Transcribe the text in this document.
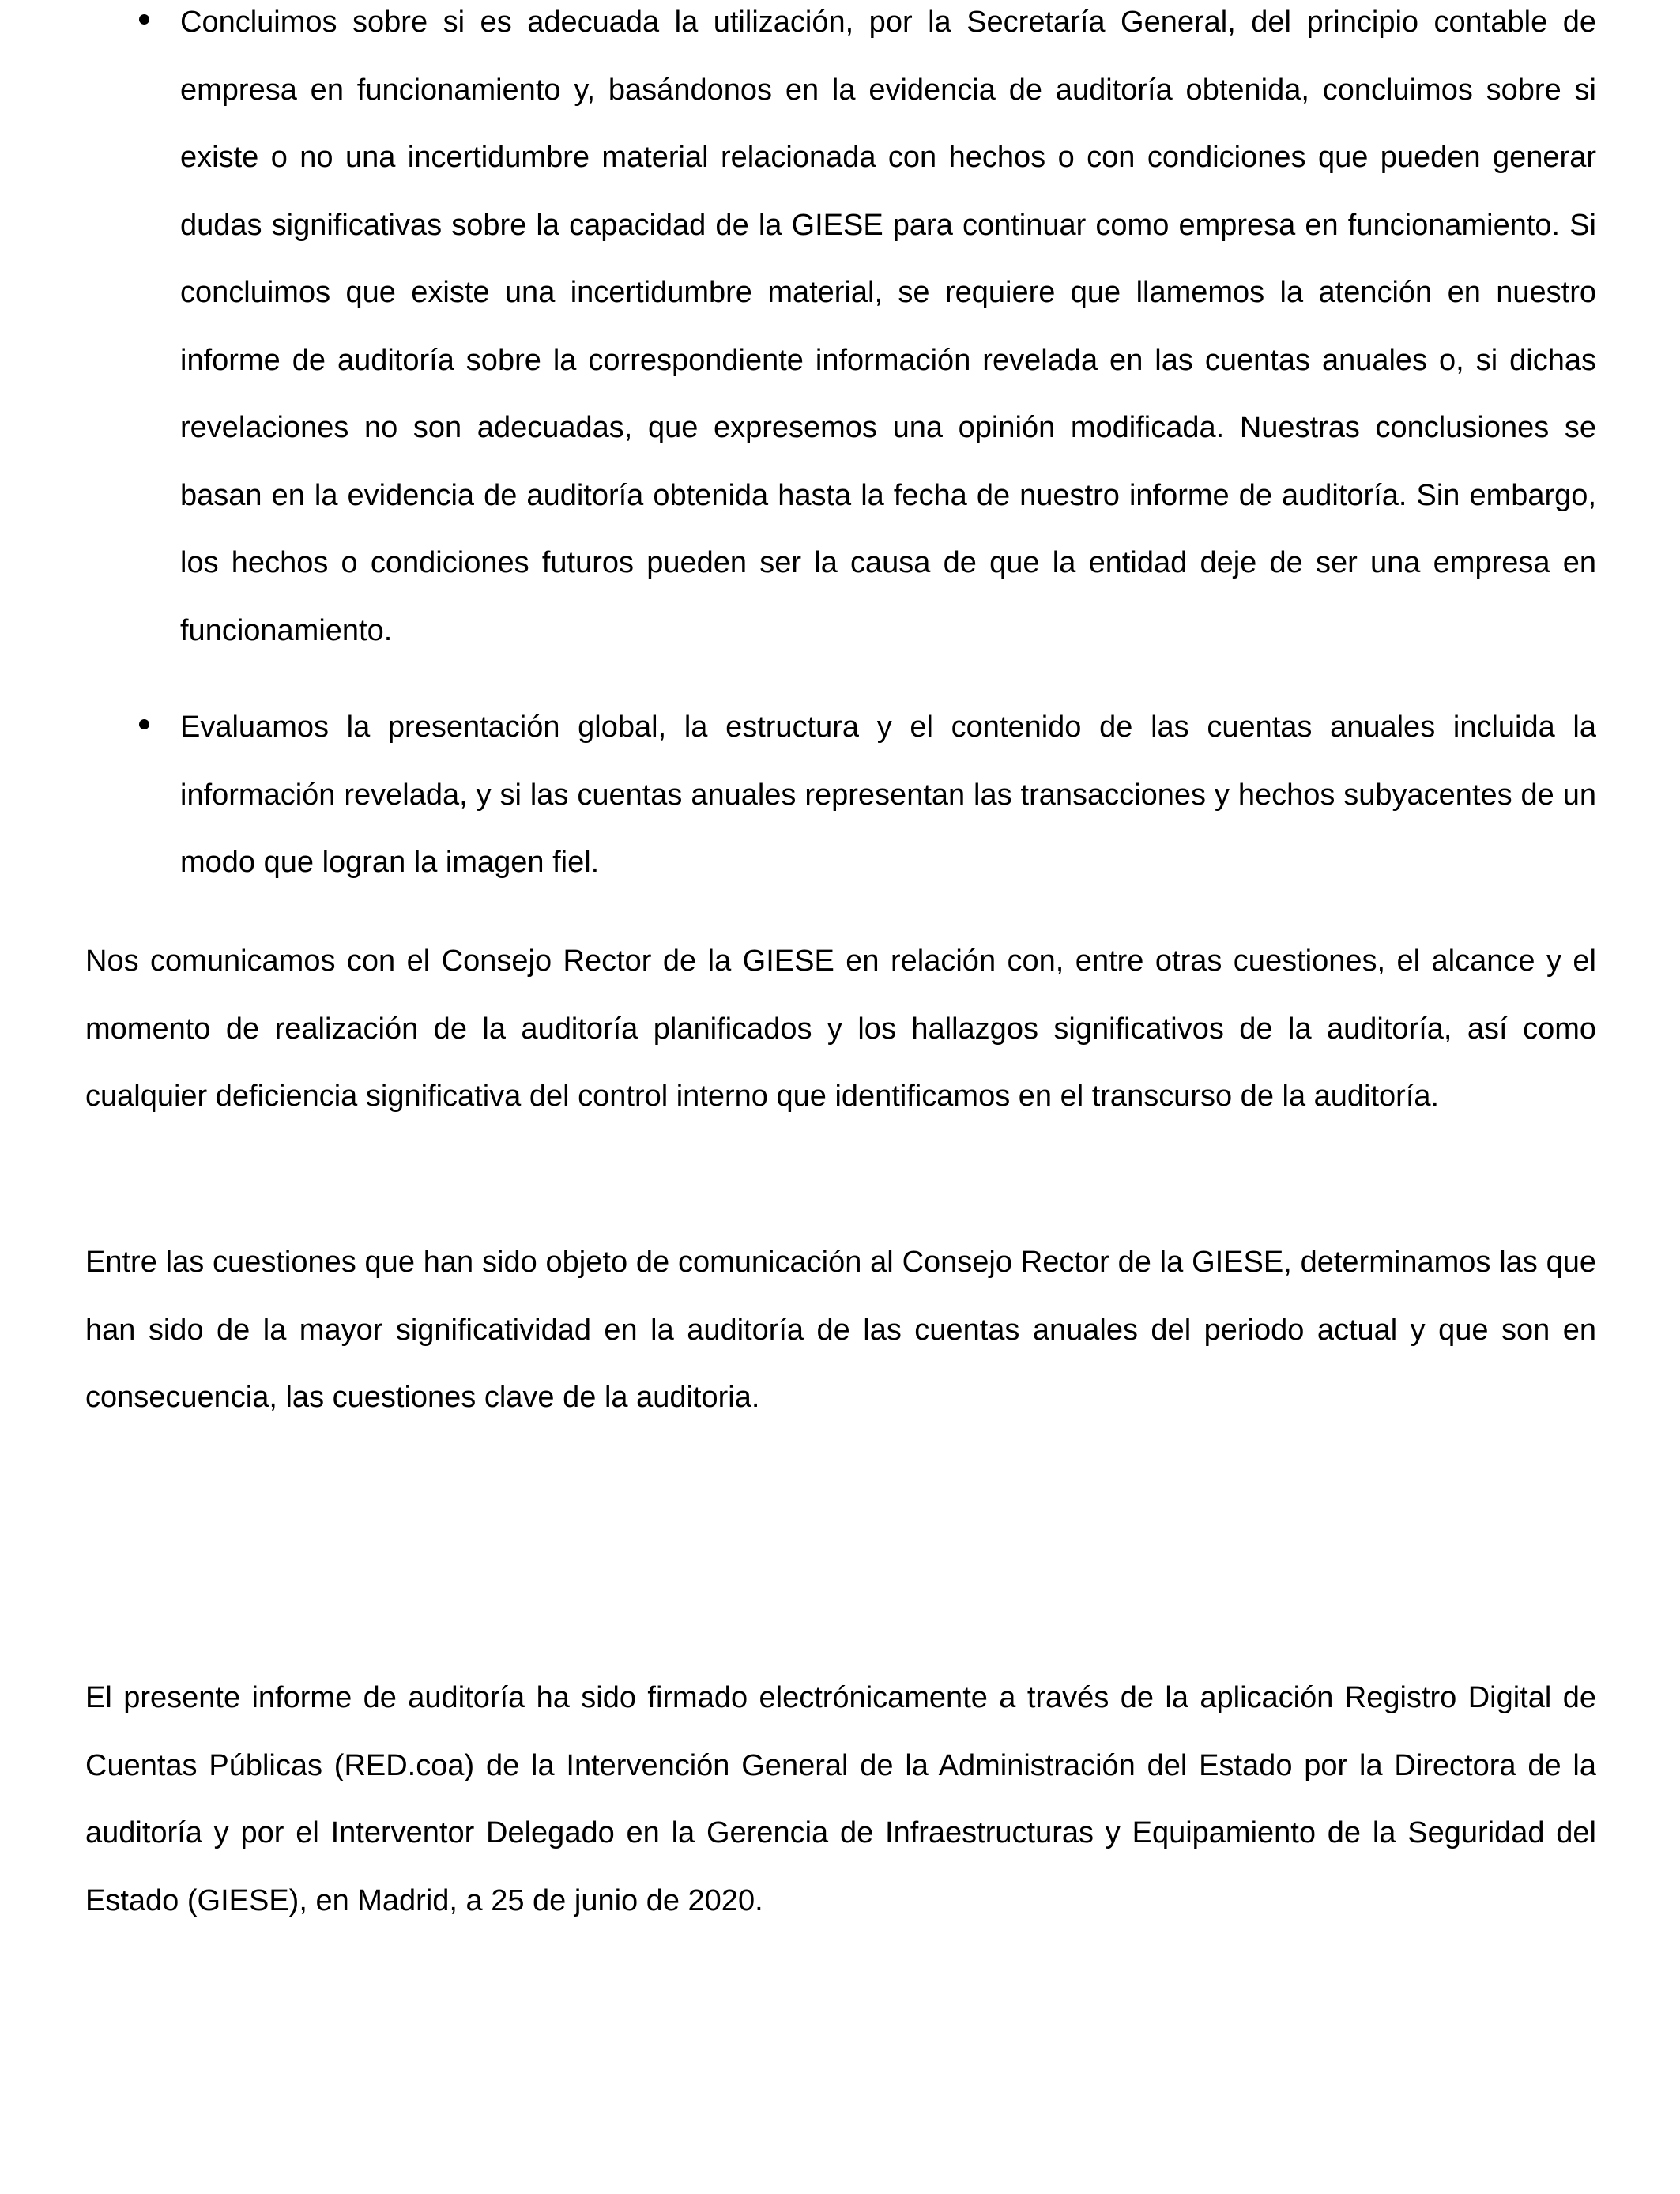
Concluimos sobre si es adecuada la utilización, por la Secretaría General, del principio contable de empresa en funcionamiento y, basándonos en la evidencia de auditoría obtenida, concluimos sobre si existe o no una incertidumbre material relacionada con hechos o con condiciones que pueden generar dudas significativas sobre la capacidad de la GIESE para continuar como empresa en funcionamiento. Si concluimos que existe una incertidumbre material, se requiere que llamemos la atención en nuestro informe de auditoría sobre la correspondiente información revelada en las cuentas anuales o, si dichas revelaciones no son adecuadas, que expresemos una opinión modificada. Nuestras conclusiones se basan en la evidencia de auditoría obtenida hasta la fecha de nuestro informe de auditoría. Sin embargo, los hechos o condiciones futuros pueden ser la causa de que la entidad deje de ser una empresa en funcionamiento.

Evaluamos la presentación global, la estructura y el contenido de las cuentas anuales incluida la información revelada, y si las cuentas anuales representan las transacciones y hechos subyacentes de un modo que logran la imagen fiel.

Nos comunicamos con el Consejo Rector de la GIESE en relación con, entre otras cuestiones, el alcance y el momento de realización de la auditoría planificados y los hallazgos significativos de la auditoría, así como cualquier deficiencia significativa del control interno que identificamos en el transcurso de la auditoría.

Entre las cuestiones que han sido objeto de comunicación al Consejo Rector de la GIESE, determinamos las que han sido de la mayor significatividad en la auditoría de las cuentas anuales del periodo actual y que son en consecuencia, las cuestiones clave de la auditoria.

El presente informe de auditoría ha sido firmado electrónicamente a través de la aplicación Registro Digital de Cuentas Públicas (RED.coa) de la Intervención General de la Administración del Estado por la Directora de la auditoría y por el Interventor Delegado en la Gerencia de Infraestructuras y Equipamiento de la Seguridad del Estado (GIESE), en Madrid, a 25 de junio de 2020.
